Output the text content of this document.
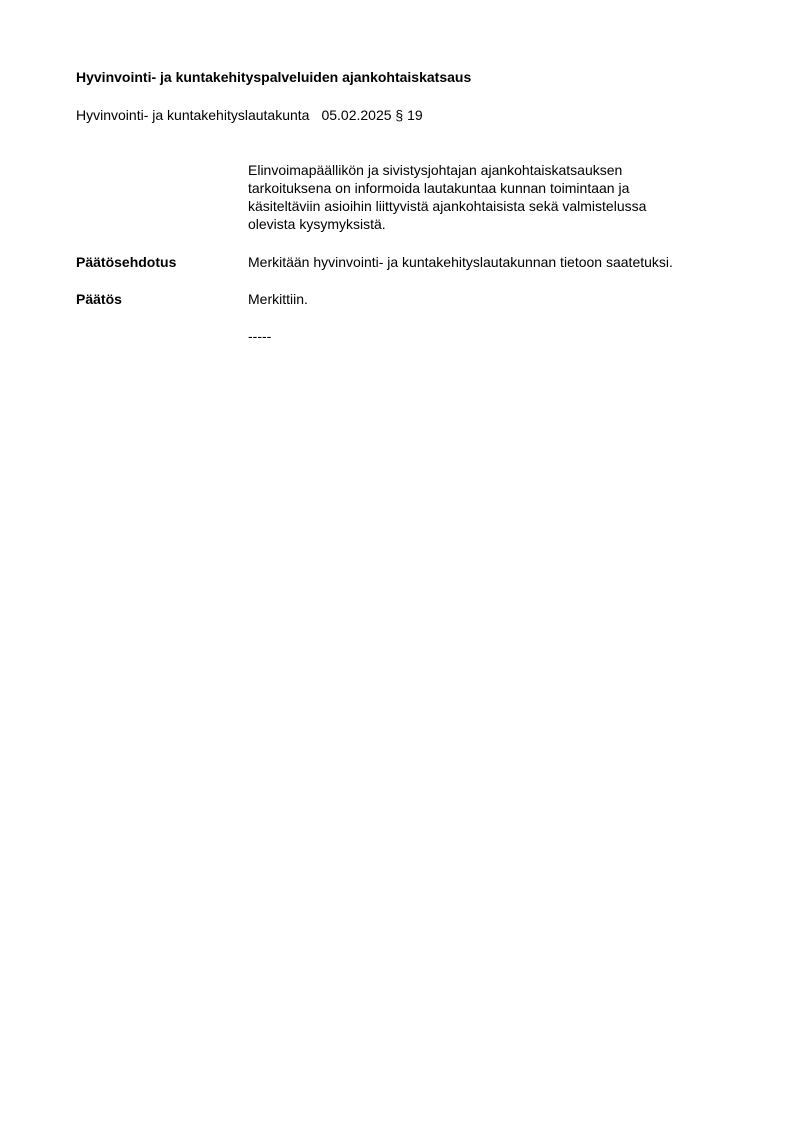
Hyvinvointi- ja kuntakehityspalveluiden ajankohtaiskatsaus
Hyvinvointi- ja kuntakehityslautakunta 05.02.2025 § 19
Elinvoimapäällikön ja sivistysjohtajan ajankohtaiskatsauksen
tarkoituksena on informoida lautakuntaa kunnan toimintaan ja
käsiteltäviin asioihin liittyvistä ajankohtaisista sekä valmistelussa
olevista kysymyksistä.
Päätösehdotus	Merkitään hyvinvointi- ja kuntakehityslautakunnan tietoon saatetuksi.
Päätös	Merkittiin.
-----
